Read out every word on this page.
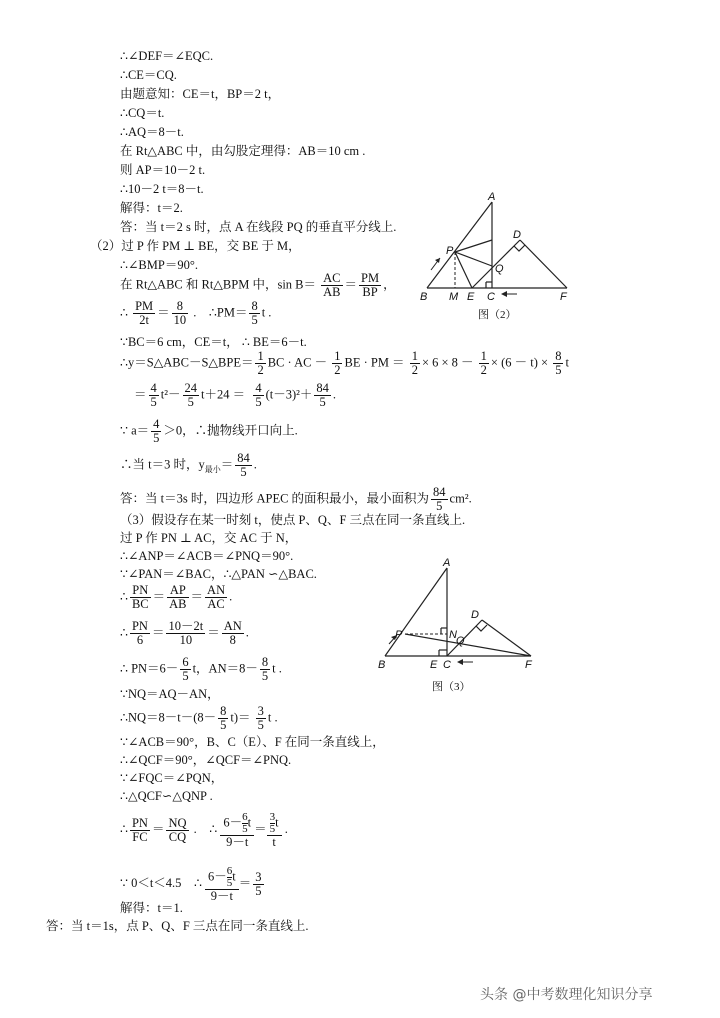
∴∠DEF＝∠EQC.
∴CE＝CQ.
由题意知：CE＝t，BP＝2 t，
∴CQ＝t.
∴AQ＝8－t.
在 Rt△ABC 中，由勾股定理得：AB＝10 cm .
则 AP＝10－2 t.
∴10－2 t＝8－t.
解得：t＝2.
答：当 t＝2 s 时，点 A 在线段 PQ 的垂直平分线上.
（2）过 P 作 PM ⊥ BE，交 BE 于 M，
∴∠BMP＝90°.
在 Rt△ABC 和 Rt△BPM 中，$\sin B= \frac{AC}{AB} = \frac{PM}{BP}$ ，
∴ $\frac{PM}{2t} = \frac{8}{10}$ .    ∴PM＝ $\frac{8}{5}$ t .
∵BC＝6 cm，CE＝t， ∴ BE＝6－t.
∴y＝S△ABC－S△BPE＝ $\frac{1}{2}$ BC · AC － $\frac{1}{2}$ BE · PM ＝ $\frac{1}{2} \times 6 \times 8 - \frac{1}{2} \times (6 - t) \times \frac{8}{5}$ t
＝ $\frac{4}{5} t^2- \frac{24}{5} t+24 = \frac{4}{5} (t-3)^2+ \frac{84}{5}$ .
∵ $a= \frac{4}{5} >0$，∴抛物线开口向上.
∴当 t＝3 时，$y_{最小}= \frac{84}{5}$ .
答：当 t＝3s 时，四边形 APEC 的面积最小，最小面积为 $\frac{84}{5} cm^2$.
（3）假设存在某一时刻 t，使点 P、Q、F 三点在同一条直线上.
过 P 作 PN ⊥ AC，交 AC 于 N，
∴∠ANP＝∠ACB＝∠PNQ＝90°.
∵∠PAN＝∠BAC，∴△PAN ∽△BAC.
∴ $\frac{PN}{BC} = \frac{AP}{AB} = \frac{AN}{AC}$ .
∴ $\frac{PN}{6} = \frac{10-2t}{10} = \frac{AN}{8}$ .
∴ $PN=6- \frac{6}{5}$ t，$AN=8- \frac{8}{5}$ t .
∵NQ＝AQ－AN，
∴NQ＝8－t－(8－ $\frac{8}{5} t)= \frac{3}{5}$ t .
∵∠ACB＝90°，B、C（E）、F 在同一条直线上，
∴∠QCF＝90°，∠QCF＝∠PNQ.
∵∠FQC＝∠PQN，
∴△QCF∽△QNP .
∴ $\frac{PN}{FC} = \frac{NQ}{CQ}$ .    ∴ $\frac{6- \frac{6}{5} t}{9-t} = \frac{\frac{3}{5} t}{t}$ .
∵ 0＜t＜4.5    ∴ $\frac{6- \frac{6}{5} t}{9-t} = \frac{3}{5}$
解得：t＝1.
答：当 t＝1s，点 P、Q、F 三点在同一条直线上.
A
D
P
Q
B M E C	F
图（2）
A
D
P	N Q
B	E C	F
图（3）
头条 @中考数理化知识分享
